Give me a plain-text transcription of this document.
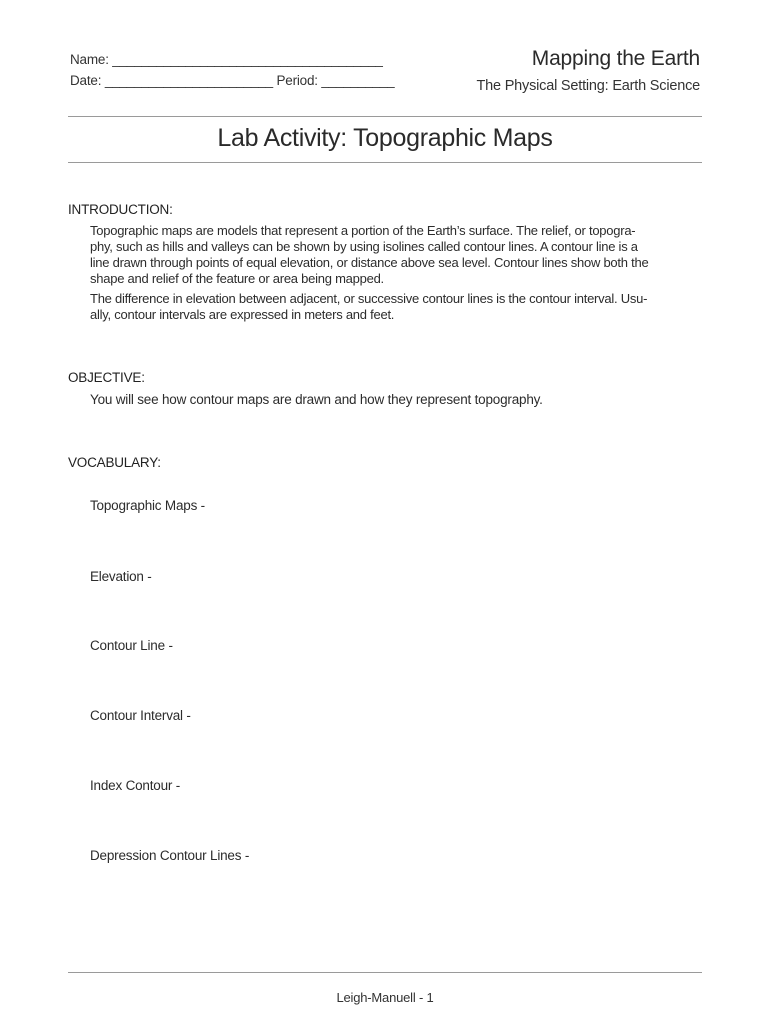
Name: _____________________________________
Date: _______________________ Period: __________
Mapping the Earth
The Physical Setting: Earth Science
Lab Activity: Topographic Maps
INTRODUCTION:
Topographic maps are models that represent a portion of the Earth’s surface. The relief, or topogra-
phy, such as hills and valleys can be shown by using isolines called contour lines. A contour line is a
line drawn through points of equal elevation, or distance above sea level. Contour lines show both the
shape and relief of the feature or area being mapped.
The difference in elevation between adjacent, or successive contour lines is the contour interval. Usu-
ally, contour intervals are expressed in meters and feet.
OBJECTIVE:
You will see how contour maps are drawn and how they represent topography.
VOCABULARY:
Topographic Maps -
Elevation -
Contour Line -
Contour Interval -
Index Contour -
Depression Contour Lines -
Leigh-Manuell - 1
